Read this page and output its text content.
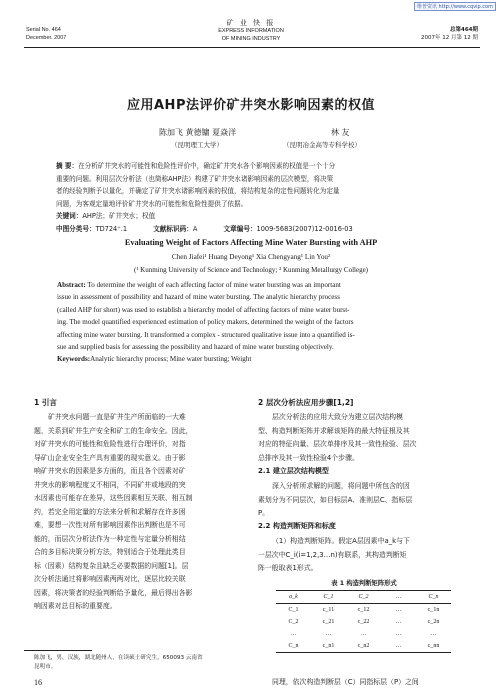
维普资讯 http://www.cqvip.com
Serial No. 464
December. 2007
矿 业 快 报
EXPRESS INFORMATION
OF MINING INDUSTRY
总第464期
2007年 12 月第 12 期
应用AHP法评价矿井突水影响因素的权值
陈加飞 黄德镛 夏焱洋	林 友
（昆明理工大学）	（昆明冶金高等专科学校）
摘 要：在分析矿井突水的可能性和危险性评价中，确定矿井突水各个影响因素的权值是一个十分
重要的问题。利用层次分析法（也简称AHP法）构建了矿井突水诸影响因素的层次模型，将决策
者的经验判断予以量化，并确定了矿井突水诸影响因素的权值，将结构复杂的定性问题转化为定量
问题，为客观定量地评价矿井突水的可能性和危险性提供了依据。
关键词：AHP法；矿井突水；权值
中图分类号：TD724⁺.1	文献标识码：A	文章编号：1009-5683(2007)12-0016-03
Evaluating Weight of Factors Affecting Mine Water Bursting with AHP
Chen Jiafei¹ Huang Deyong¹ Xia Chengyang¹ Lin You²
(¹ Kunming University of Science and Technology; ² Kunming Metallurgy College)
Abstract: To determine the weight of each affecting factor of mine water bursting was an important
issue in assessment of possibility and hazard of mine water bursting. The analytic hierarchy process
(called AHP for short) was used to establish a hierarchy model of affecting factors of mine water burst-
ing. The model quantified experienced estimation of policy makers, determined the weight of the factors
affecting mine water bursting. It transformed a complex - structured qualitative issue into a quantified is-
sue and supplied basis for assessing the possibility and hazard of mine water bursting objectively.
Keywords:Analytic hierarchy process; Mine water bursting; Weight
1 引言
矿井突水问题一直是矿井生产所面临的一大难
题，关系到矿井生产安全和矿工的生命安全。因此，
对矿井突水的可能性和危险性进行合理评价，对指
导矿山企业安全生产具有重要的现实意义。由于影
响矿井突水的因素是多方面的，而且各个因素对矿
井突水的影响程度又不相同，不同矿井或地段的突
水因素也可能存在差异，这些因素相互关联、相互制
约，若完全用定量的方法来分析和求解存在许多困
难，要想一次性对所有影响因素作出判断也是不可
能的，而层次分析法作为一种定性与定量分析相结
合的多目标决策分析方法，特别适合于处理此类目
标（因素）结构复杂且缺乏必要数据的问题[1]。层
次分析法通过将影响因素两两对比，逐层比较关联
因素，将决策者的经验判断给予量化，最后得出各影
响因素对总目标的重要度。
陈加飞，男，汉族，湖北随州人，在读硕士研究生，650093 云南省
昆明市。
16
2 层次分析法应用步骤[1,2]
层次分析法的应用大致分为建立层次结构模
型、构造判断矩阵并求解该矩阵的最大特征根及其
对应的特征向量、层次单排序及其一致性检验、层次
总排序及其一致性检验4个步骤。
2.1 建立层次结构模型
深入分析所求解的问题，将问题中所包含的因
素划分为不同层次，如目标层A、准则层C、指标层
P。
2.2 构造判断矩阵和标度
（1）构造判断矩阵。假定A层因素中a_k与下
一层次中C_i(i=1,2,3…n)有联系，其构造判断矩
阵一般取表1形式。
表 1 构造判断矩阵形式
a_k	C_1	C_2	…	C_n
C_1	c_11	c_12	…	c_1n
C_2	c_21	c_22	…	c_2n
…	…	…	…	…
C_n	c_n1	c_n2	…	c_nn
同理，依次构造判断层（C）同指标层（P）之间
